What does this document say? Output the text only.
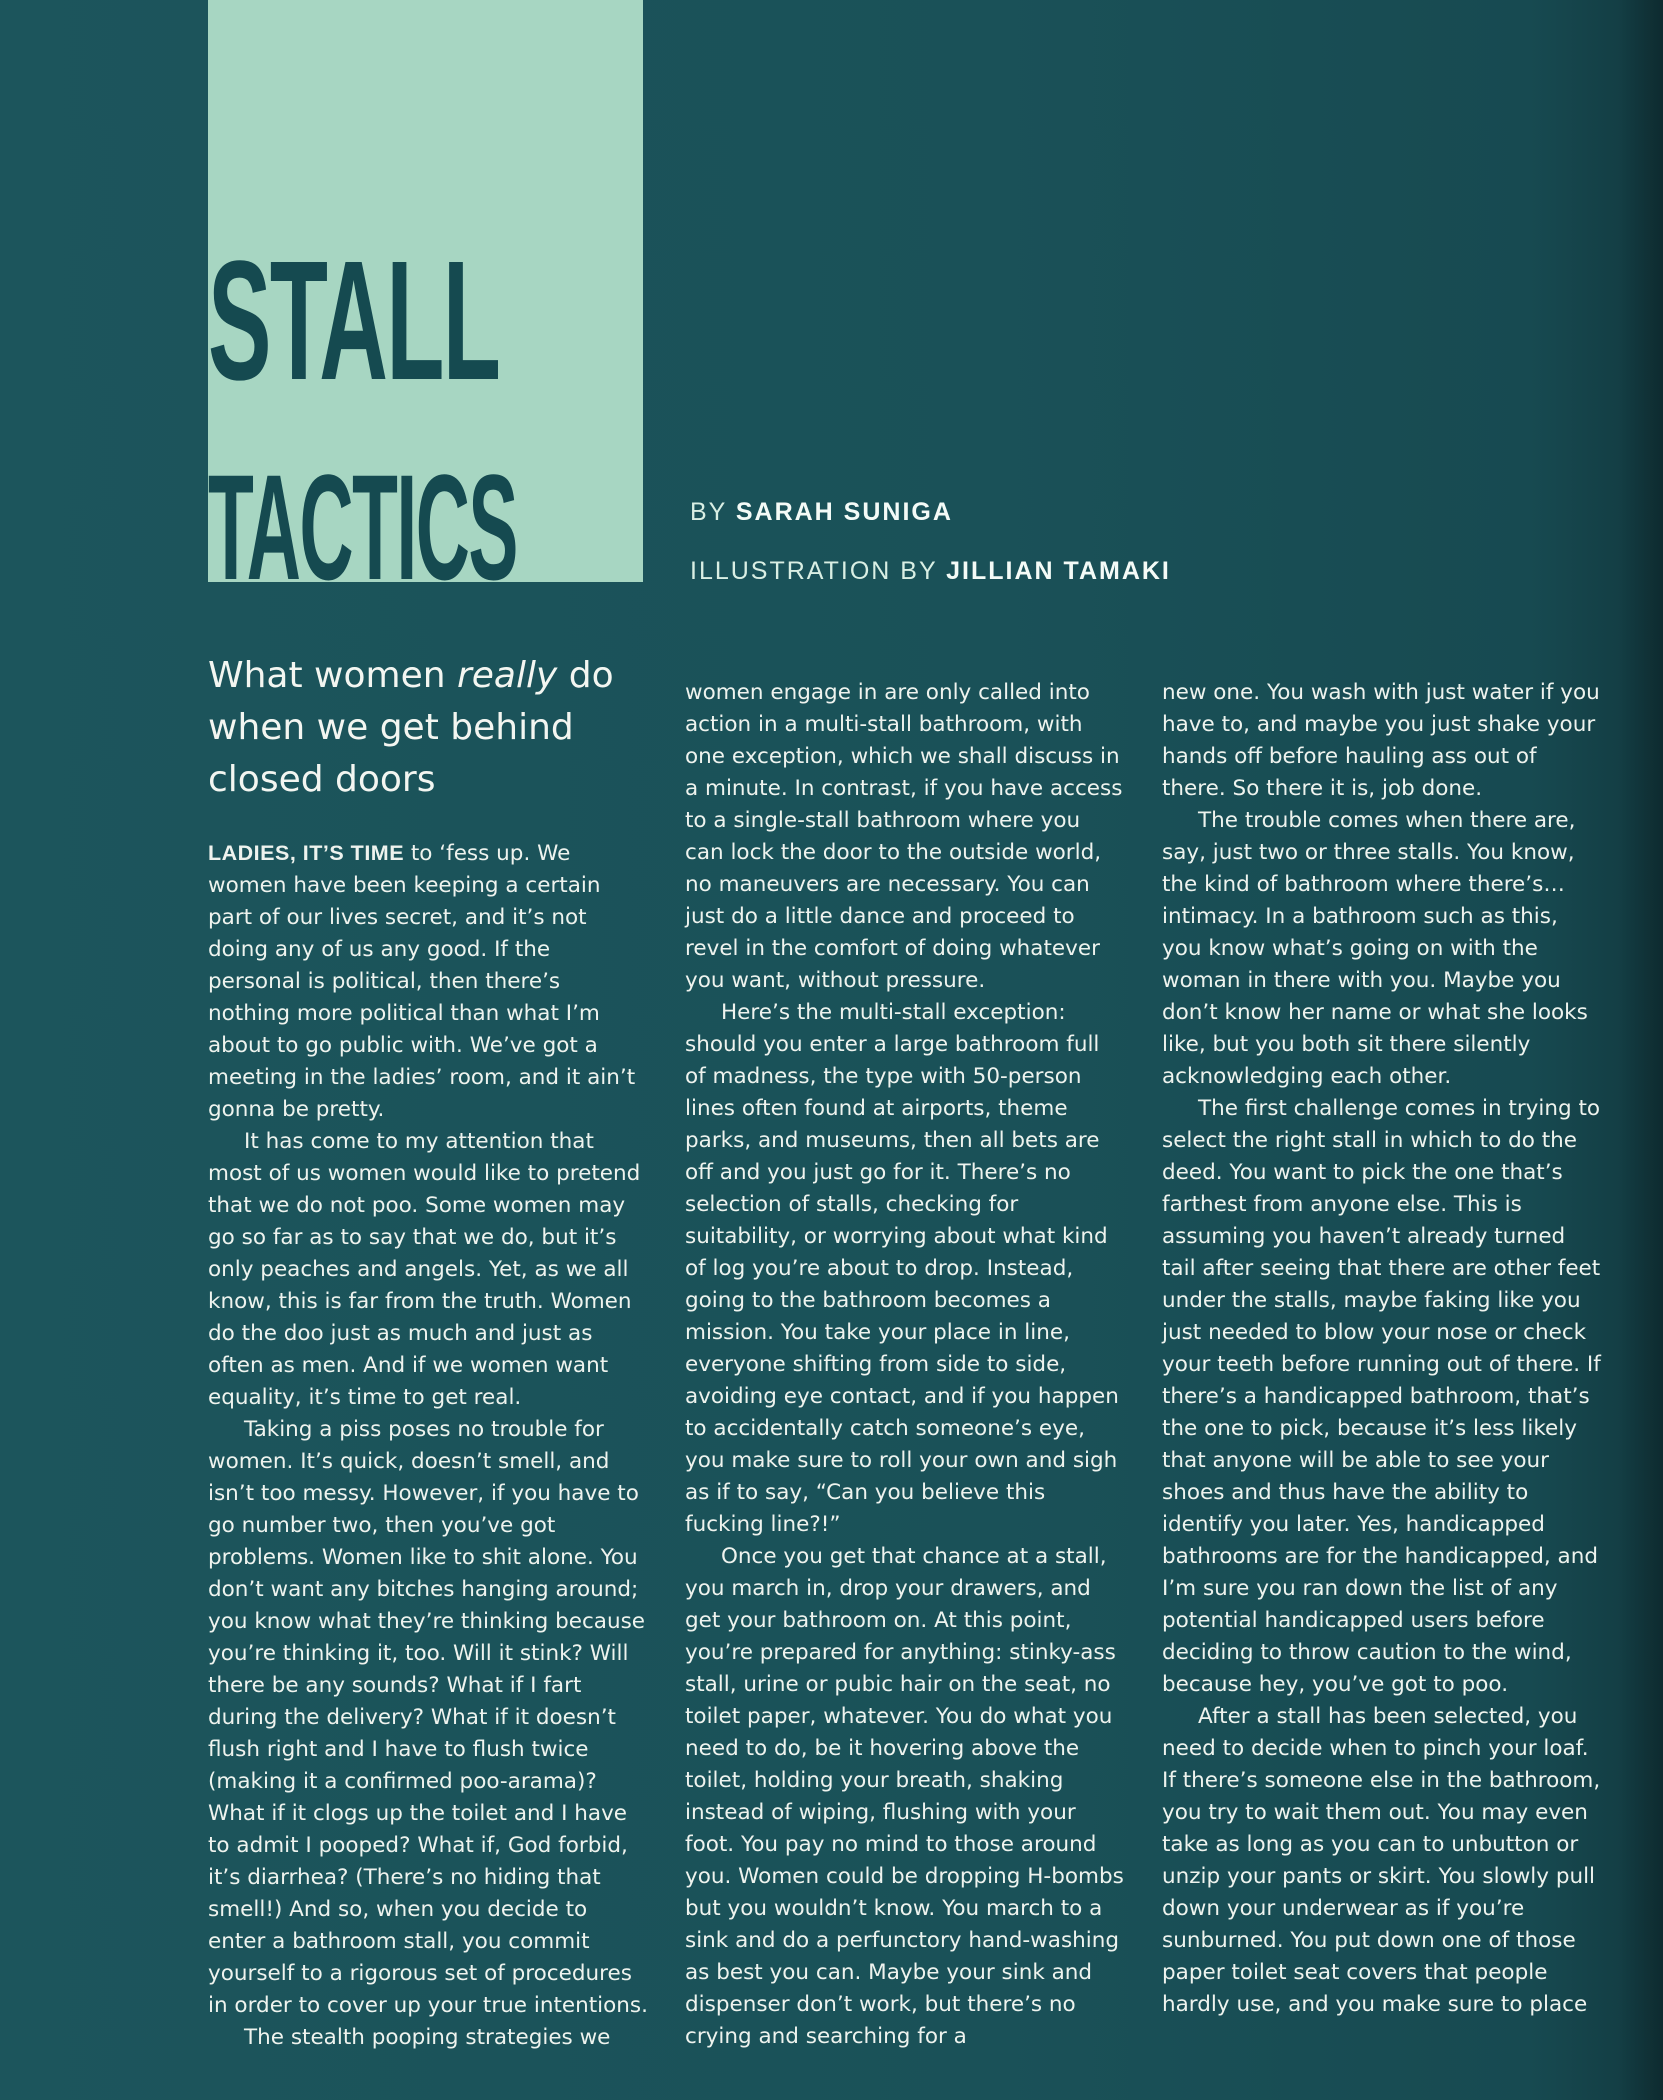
STALL
TACTICS	BY SARAH SUNIGA
ILLUSTRATION BY JILLIAN TAMAKI
What women really do when we get behind closed doors

LADIES, IT’S TIME to ‘fess up. We women have been keeping a certain part of our lives secret, and it’s not doing any of us any good. If the personal is political, then there’s nothing more political than what I’m about to go public with. We’ve got a meeting in the ladies’ room, and it ain’t gonna be pretty.

It has come to my attention that most of us women would like to pretend that we do not poo. Some women may go so far as to say that we do, but it’s only peaches and angels. Yet, as we all know, this is far from the truth. Women do the doo just as much and just as often as men. And if we women want equality, it’s time to get real.

Taking a piss poses no trouble for women. It’s quick, doesn’t smell, and isn’t too messy. However, if you have to go number two, then you’ve got problems. Women like to shit alone. You don’t want any bitches hanging around; you know what they’re thinking because you’re thinking it, too. Will it stink? Will there be any sounds? What if I fart during the delivery? What if it doesn’t flush right and I have to flush twice (making it a confirmed poo-arama)? What if it clogs up the toilet and I have to admit I pooped? What if, God forbid, it’s diarrhea? (There’s no hiding that smell!) And so, when you decide to enter a bathroom stall, you commit yourself to a rigorous set of procedures in order to cover up your true intentions.

The stealth pooping strategies we

women engage in are only called into action in a multi-stall bathroom, with one exception, which we shall discuss in a minute. In contrast, if you have access to a single-stall bathroom where you can lock the door to the outside world, no maneuvers are necessary. You can just do a little dance and proceed to revel in the comfort of doing whatever you want, without pressure.

Here’s the multi-stall exception: should you enter a large bathroom full of madness, the type with 50-person lines often found at airports, theme parks, and museums, then all bets are off and you just go for it. There’s no selection of stalls, checking for suitability, or worrying about what kind of log you’re about to drop. Instead, going to the bathroom becomes a mission. You take your place in line, everyone shifting from side to side, avoiding eye contact, and if you happen to accidentally catch someone’s eye, you make sure to roll your own and sigh as if to say, “Can you believe this fucking line?!”

Once you get that chance at a stall, you march in, drop your drawers, and get your bathroom on. At this point, you’re prepared for anything: stinky-ass stall, urine or pubic hair on the seat, no toilet paper, whatever. You do what you need to do, be it hovering above the toilet, holding your breath, shaking instead of wiping, flushing with your foot. You pay no mind to those around you. Women could be dropping H-bombs but you wouldn’t know. You march to a sink and do a perfunctory hand-washing as best you can. Maybe your sink and dispenser don’t work, but there’s no crying and searching for a

new one. You wash with just water if you have to, and maybe you just shake your hands off before hauling ass out of there. So there it is, job done.

The trouble comes when there are, say, just two or three stalls. You know, the kind of bathroom where there’s… intimacy. In a bathroom such as this, you know what’s going on with the woman in there with you. Maybe you don’t know her name or what she looks like, but you both sit there silently acknowledging each other.

The first challenge comes in trying to select the right stall in which to do the deed. You want to pick the one that’s farthest from anyone else. This is assuming you haven’t already turned tail after seeing that there are other feet under the stalls, maybe faking like you just needed to blow your nose or check your teeth before running out of there. If there’s a handicapped bathroom, that’s the one to pick, because it’s less likely that anyone will be able to see your shoes and thus have the ability to identify you later. Yes, handicapped bathrooms are for the handicapped, and I’m sure you ran down the list of any potential handicapped users before deciding to throw caution to the wind, because hey, you’ve got to poo.

After a stall has been selected, you need to decide when to pinch your loaf. If there’s someone else in the bathroom, you try to wait them out. You may even take as long as you can to unbutton or unzip your pants or skirt. You slowly pull down your underwear as if you’re sunburned. You put down one of those paper toilet seat covers that people hardly use, and you make sure to place
